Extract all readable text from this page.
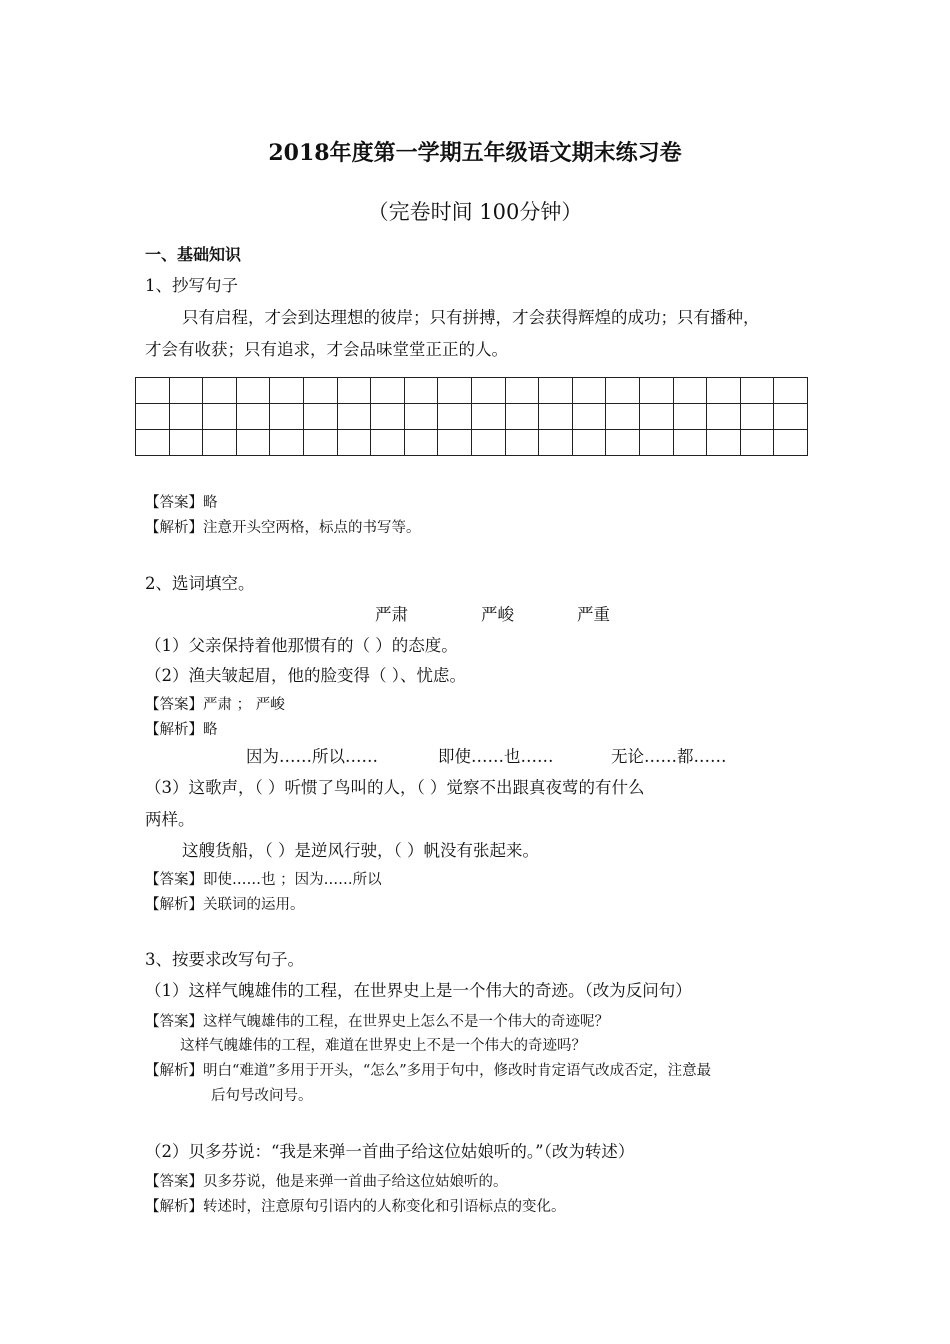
2018年度第一学期五年级语文期末练习卷
（完卷时间 100分钟）
一、基础知识
1、抄写句子
只有启程，才会到达理想的彼岸；只有拼搏，才会获得辉煌的成功；只有播种，
才会有收获；只有追求，才会品味堂堂正正的人。

【答案】略
【解析】注意开头空两格，标点的书写等。
2、选词填空。
严肃	严峻	严重
（1）父亲保持着他那惯有的（ ）的态度。
（2）渔夫皱起眉，他的脸变得（ ）、忧虑。
【答案】严肃 ； 严峻
【解析】略
因为……所以……	即使……也……	无论……都……
（3）这歌声，（ ）听惯了鸟叫的人，（ ）觉察不出跟真夜莺的有什么
两样。
这艘货船，（ ）是逆风行驶，（ ）帆没有张起来。
【答案】即使……也 ；因为……所以
【解析】关联词的运用。
3、按要求改写句子。
（1）这样气魄雄伟的工程，在世界史上是一个伟大的奇迹。（改为反问句）
【答案】这样气魄雄伟的工程，在世界史上怎么不是一个伟大的奇迹呢？
这样气魄雄伟的工程，难道在世界史上不是一个伟大的奇迹吗？
【解析】明白“难道”多用于开头，“怎么”多用于句中，修改时肯定语气改成否定，注意最
后句号改问号。
（2）贝多芬说：“我是来弹一首曲子给这位姑娘听的。”（改为转述）
【答案】贝多芬说，他是来弹一首曲子给这位姑娘听的。
【解析】转述时，注意原句引语内的人称变化和引语标点的变化。
